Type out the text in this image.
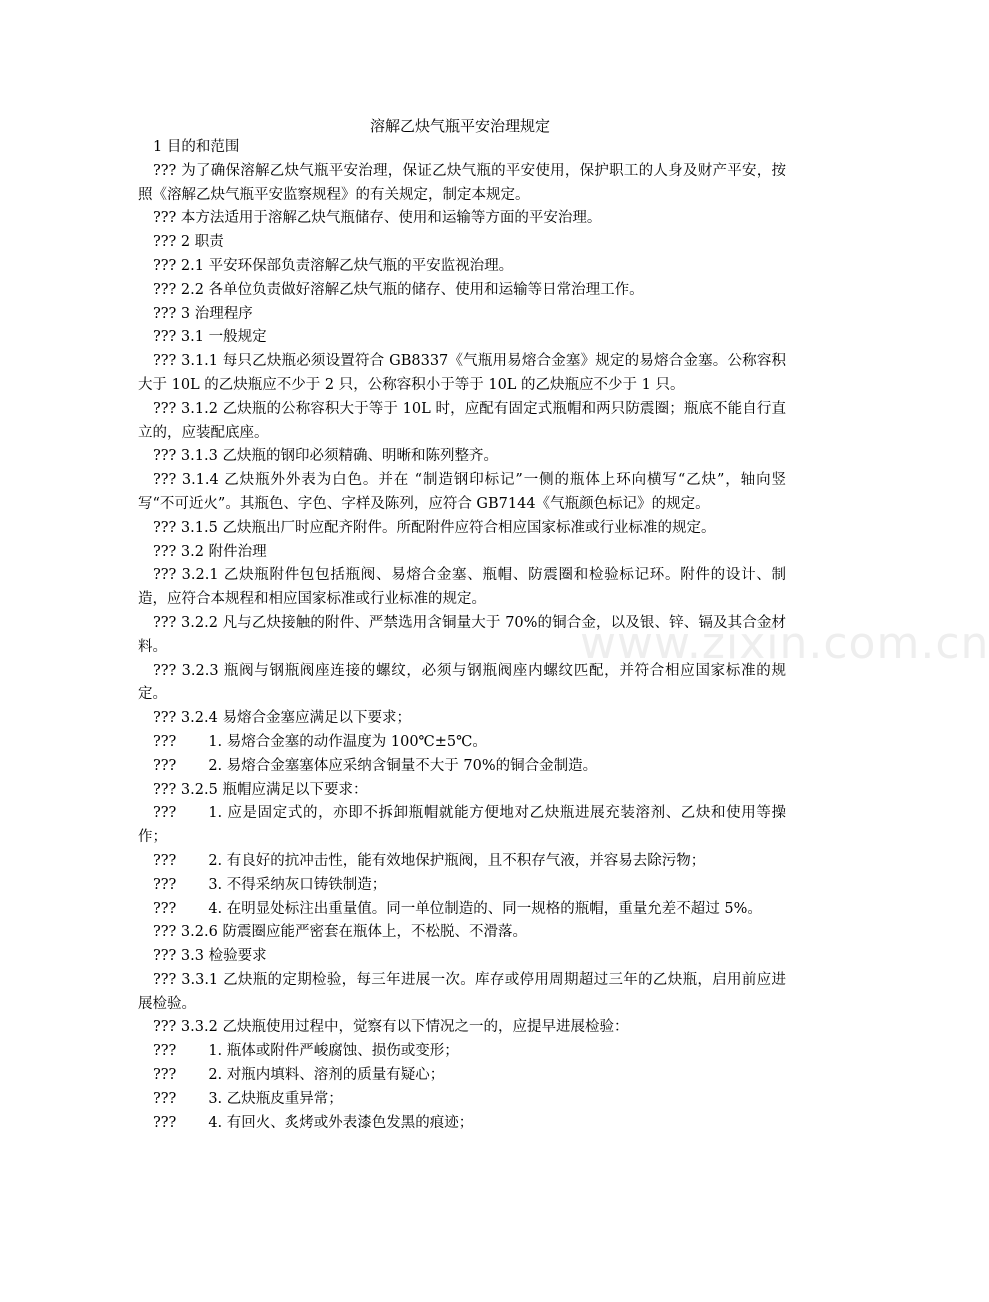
www.zixin.com.cn
溶解乙炔气瓶平安治理规定

1 目的和范围

??? 为了确保溶解乙炔气瓶平安治理，保证乙炔气瓶的平安使用，保护职工的人身及财产平安，按照《溶解乙炔气瓶平安监察规程》的有关规定，制定本规定。

??? 本方法适用于溶解乙炔气瓶储存、使用和运输等方面的平安治理。

??? 2 职责

??? 2.1 平安环保部负责溶解乙炔气瓶的平安监视治理。

??? 2.2 各单位负责做好溶解乙炔气瓶的储存、使用和运输等日常治理工作。

??? 3 治理程序

??? 3.1 一般规定

??? 3.1.1 每只乙炔瓶必须设置符合 GB8337《气瓶用易熔合金塞》规定的易熔合金塞。公称容积大于 10L 的乙炔瓶应不少于 2 只，公称容积小于等于 10L 的乙炔瓶应不少于 1 只。

??? 3.1.2 乙炔瓶的公称容积大于等于 10L 时，应配有固定式瓶帽和两只防震圈；瓶底不能自行直立的，应装配底座。

??? 3.1.3 乙炔瓶的钢印必须精确、明晰和陈列整齐。

??? 3.1.4 乙炔瓶外外表为白色。并在 “制造钢印标记”一侧的瓶体上环向横写“乙炔”，轴向竖写“不可近火”。其瓶色、字色、字样及陈列，应符合 GB7144《气瓶颜色标记》的规定。

??? 3.1.5 乙炔瓶出厂时应配齐附件。所配附件应符合相应国家标准或行业标准的规定。

??? 3.2 附件治理

??? 3.2.1 乙炔瓶附件包包括瓶阀、易熔合金塞、瓶帽、防震圈和检验标记环。附件的设计、制造，应符合本规程和相应国家标准或行业标准的规定。

??? 3.2.2 凡与乙炔接触的附件、严禁选用含铜量大于 70%的铜合金，以及银、锌、镉及其合金材料。

??? 3.2.3 瓶阀与钢瓶阀座连接的螺纹，必须与钢瓶阀座内螺纹匹配，并符合相应国家标准的规定。

??? 3.2.4 易熔合金塞应满足以下要求；

??? 1. 易熔合金塞的动作温度为 100℃±5℃。

??? 2. 易熔合金塞塞体应采纳含铜量不大于 70%的铜合金制造。

??? 3.2.5 瓶帽应满足以下要求：

??? 1. 应是固定式的，亦即不拆卸瓶帽就能方便地对乙炔瓶进展充装溶剂、乙炔和使用等操作；

??? 2. 有良好的抗冲击性，能有效地保护瓶阀，且不积存气液，并容易去除污物；

??? 3. 不得采纳灰口铸铁制造；

??? 4. 在明显处标注出重量值。同一单位制造的、同一规格的瓶帽，重量允差不超过 5%。

??? 3.2.6 防震圈应能严密套在瓶体上，不松脱、不滑落。

??? 3.3 检验要求

??? 3.3.1 乙炔瓶的定期检验，每三年进展一次。库存或停用周期超过三年的乙炔瓶，启用前应进展检验。

??? 3.3.2 乙炔瓶使用过程中，觉察有以下情况之一的，应提早进展检验：

??? 1. 瓶体或附件严峻腐蚀、损伤或变形；

??? 2. 对瓶内填料、溶剂的质量有疑心；

??? 3. 乙炔瓶皮重异常；

??? 4. 有回火、炙烤或外表漆色发黑的痕迹；
